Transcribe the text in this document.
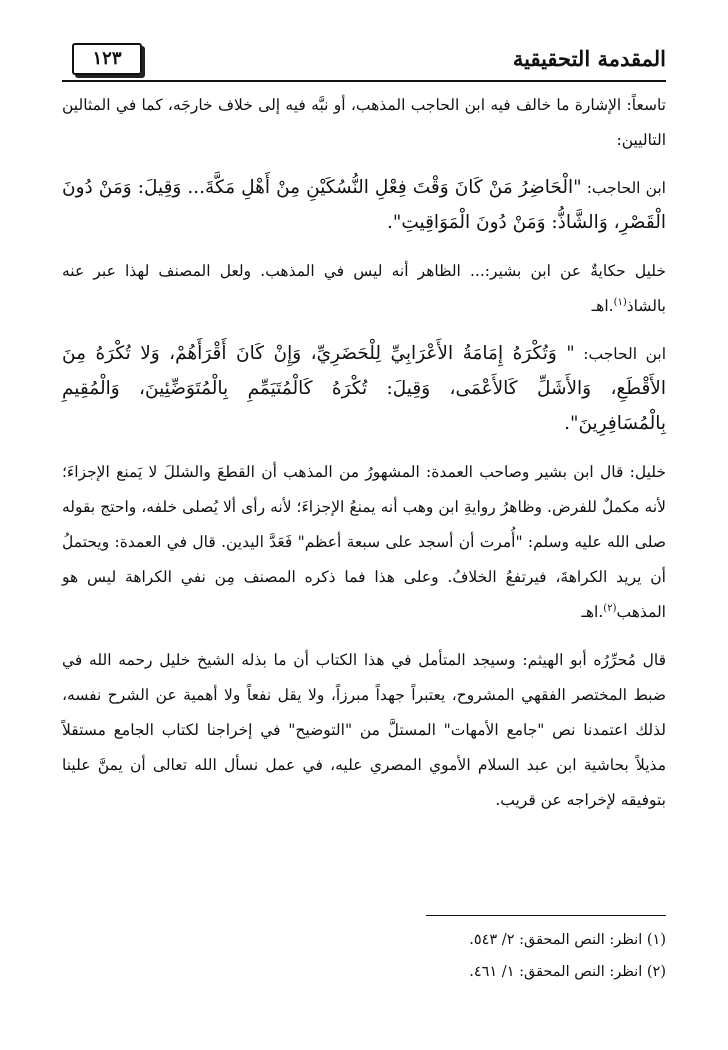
المقدمة التحقيقية
١٢٣

تاسعاً: الإشارة ما خالف فيه ابن الحاجب المذهب، أو نبَّه فيه إلى خلاف خارجَه، كما في المثالين التاليين:

ابن الحاجب: "الْحَاضِرُ مَنْ كَانَ وَقْتَ فِعْلِ النُّسُكَيْنِ مِنْ أَهْلِ مَكَّةَ... وَقِيلَ: وَمَنْ دُونَ الْقَصْرِ، وَالشَّاذُّ: وَمَنْ دُونَ الْمَوَاقِيتِ".

خليل حكايةٌ عن ابن بشير:... الظاهر أنه ليس في المذهب. ولعل المصنف لهذا عبر عنه بالشاذ$^{(١)}$.اهـ

ابن الحاجب: " وَتُكْرَهُ إِمَامَةُ الأَعْرَابِيِّ لِلْحَضَرِيِّ، وَإِنْ كَانَ أَقْرَأَهُمْ، وَلا تُكْرَهُ مِنَ الأَقْطَعِ، وَالأَشَلِّ كَالأَعْمَى، وَقِيلَ: تُكْرَهُ كَالْمُتَيَمِّمِ بِالْمُتَوَضِّئِينَ، وَالْمُقِيمِ بِالْمُسَافِرِينَ".

خليل: قال ابن بشير وصاحب العمدة: المشهورُ من المذهب أن القطعَ والشللَ لا يَمنع الإجزاءَ؛ لأنه مكملٌ للفرض. وظاهرُ روايةِ ابن وهب أنه يمنعُ الإجزاءَ؛ لأنه رأى ألا يُصلى خلفه، واحتج بقوله صلى الله عليه وسلم: "أُمرت أن أسجد على سبعة أعظم" فَعَدَّ اليدين. قال في العمدة: ويحتملُ أن يريد الكراهةَ، فيرتفعُ الخلافُ. وعلى هذا فما ذكره المصنف مِن نفي الكراهة ليس هو المذهب$^{(٢)}$.اهـ

قال مُحرِّرُه أبو الهيثم: وسيجد المتأمل في هذا الكتاب أن ما بذله الشيخ خليل رحمه الله في ضبط المختصر الفقهي المشروح، يعتبراً جهداً مبرزاً، ولا يقل نفعاً ولا أهمية عن الشرح نفسه، لذلك اعتمدنا نص "جامع الأمهات" المستلَّ من "التوضيح" في إخراجنا لكتاب الجامع مستقلاً مذيلاً بحاشية ابن عبد السلام الأموي المصري عليه، في عمل نسأل الله تعالى أن يمنَّ علينا بتوفيقه لإخراجه عن قريب.

(١) انظر: النص المحقق: ٢/ ٥٤٣.

(٢) انظر: النص المحقق: ١/ ٤٦١.
